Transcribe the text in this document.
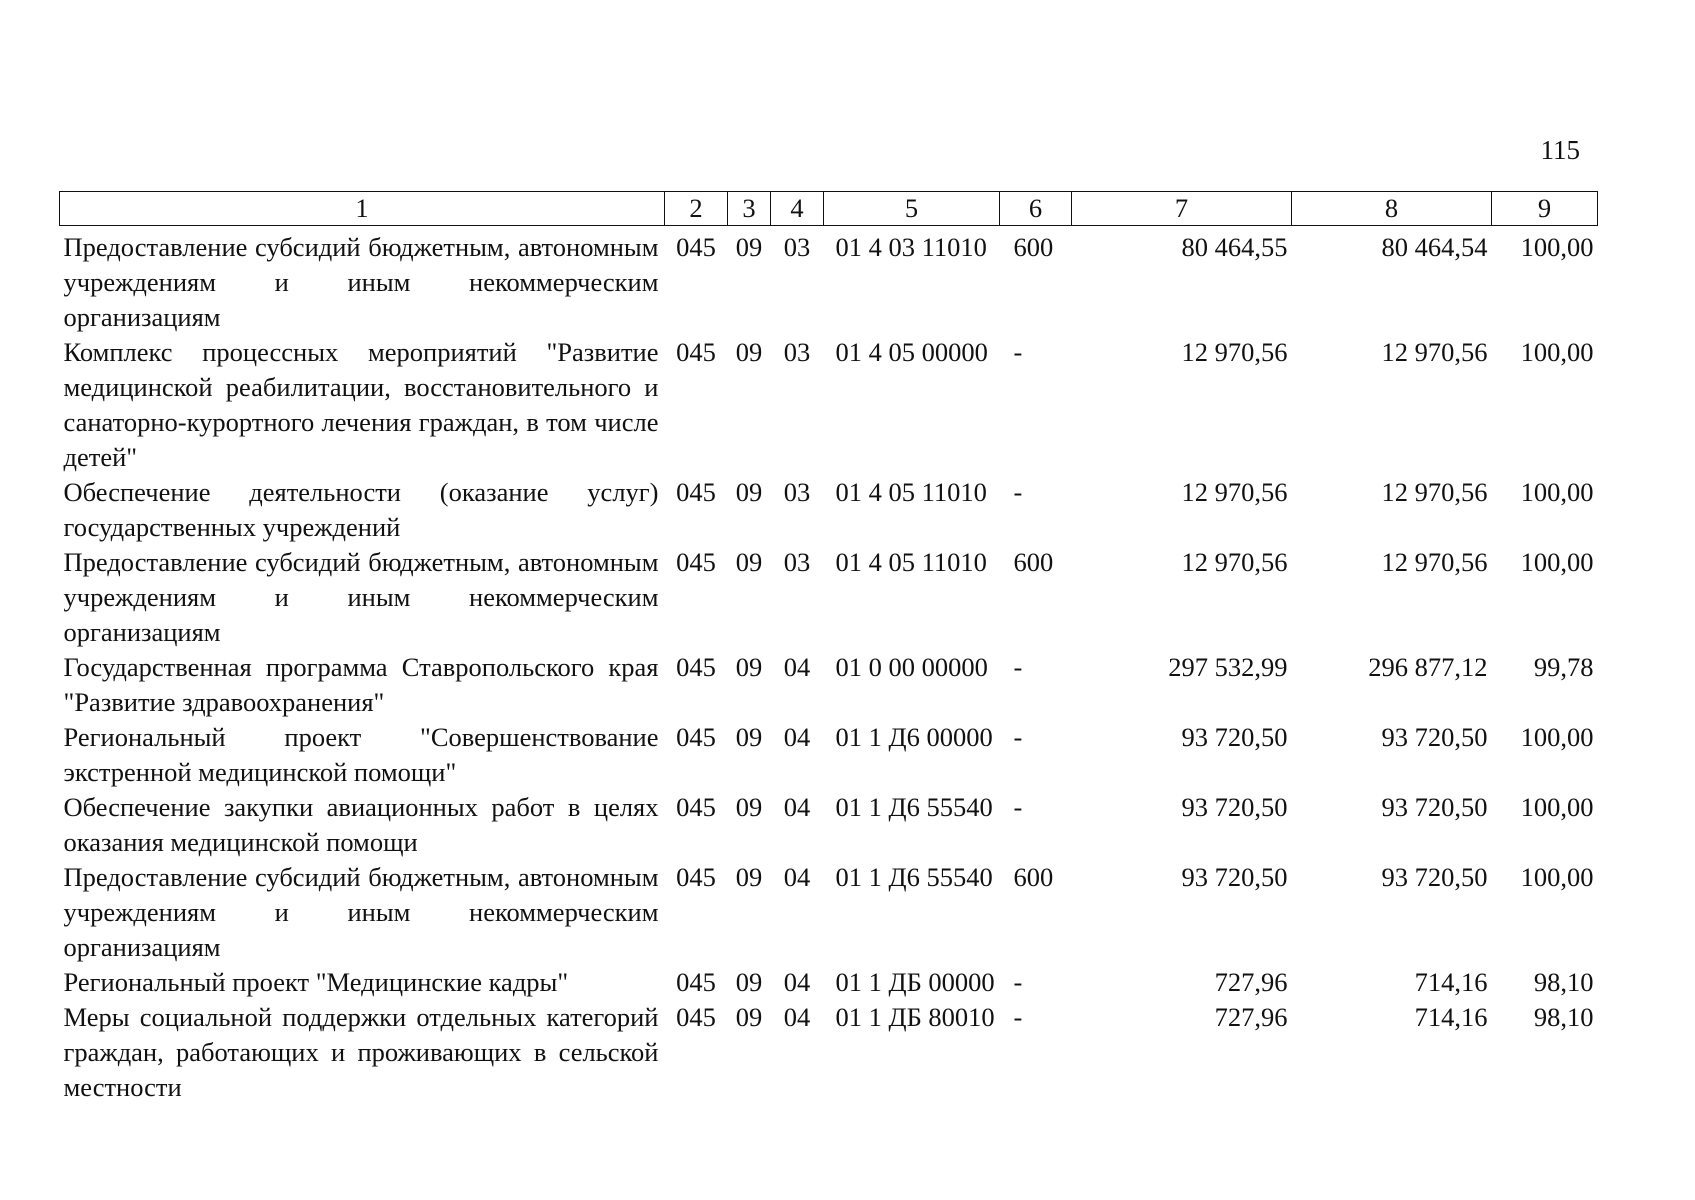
115
1	2	3	4	5	6	7	8	9
Предоставление субсидий бюджетным, автономным учреждениям и иным некоммерческим организациям	045	09	03	01 4 03 11010	600	80 464,55	80 464,54	100,00
Комплекс процессных мероприятий "Развитие медицинской реабилитации, восстановительного и санаторно-курортного лечения граждан, в том числе детей"	045	09	03	01 4 05 00000	-	12 970,56	12 970,56	100,00
Обеспечение деятельности (оказание услуг) государственных учреждений	045	09	03	01 4 05 11010	-	12 970,56	12 970,56	100,00
Предоставление субсидий бюджетным, автономным учреждениям и иным некоммерческим организациям	045	09	03	01 4 05 11010	600	12 970,56	12 970,56	100,00
Государственная программа Ставропольского края "Развитие здравоохранения"	045	09	04	01 0 00 00000	-	297 532,99	296 877,12	99,78
Региональный проект "Совершенствование экстренной медицинской помощи"	045	09	04	01 1 Д6 00000	-	93 720,50	93 720,50	100,00
Обеспечение закупки авиационных работ в целях оказания медицинской помощи	045	09	04	01 1 Д6 55540	-	93 720,50	93 720,50	100,00
Предоставление субсидий бюджетным, автономным учреждениям и иным некоммерческим организациям	045	09	04	01 1 Д6 55540	600	93 720,50	93 720,50	100,00
Региональный проект "Медицинские кадры"	045	09	04	01 1 ДБ 00000	-	727,96	714,16	98,10
Меры социальной поддержки отдельных категорий граждан, работающих и проживающих в сельской местности	045	09	04	01 1 ДБ 80010	-	727,96	714,16	98,10
